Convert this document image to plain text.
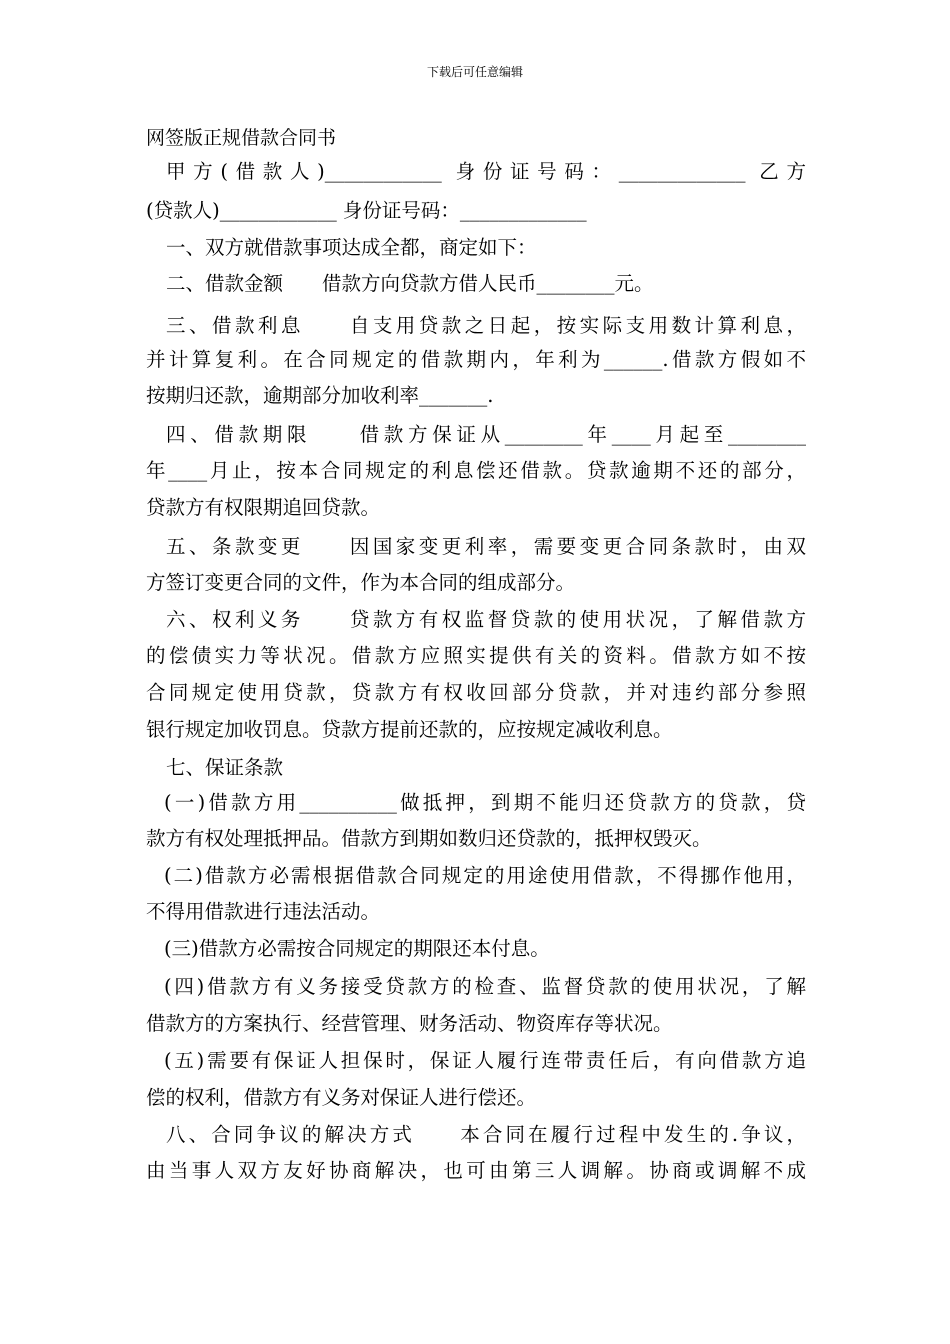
下载后可任意编辑
网签版正规借款合同书
甲方(借款人)____________ 身份证号码：_____________ 乙方
(贷款人)____________ 身份证号码：_____________
一、双方就借款事项达成全都，商定如下：
二、借款金额　　借款方向贷款方借人民币________元。
三、借款利息　　自支用贷款之日起，按实际支用数计算利息，
并计算复利。在合同规定的借款期内，年利为______.借款方假如不
按期归还款，逾期部分加收利率_______.
四、借款期限　　借款方保证从________年____月起至________
年____月止，按本合同规定的利息偿还借款。贷款逾期不还的部分，
贷款方有权限期追回贷款。
五、条款变更　　因国家变更利率，需要变更合同条款时，由双
方签订变更合同的文件，作为本合同的组成部分。
六、权利义务　　贷款方有权监督贷款的使用状况，了解借款方
的偿债实力等状况。借款方应照实提供有关的资料。借款方如不按
合同规定使用贷款，贷款方有权收回部分贷款，并对违约部分参照
银行规定加收罚息。贷款方提前还款的，应按规定减收利息。
七、保证条款
(一)借款方用__________做抵押，到期不能归还贷款方的贷款，贷
款方有权处理抵押品。借款方到期如数归还贷款的，抵押权毁灭。
(二)借款方必需根据借款合同规定的用途使用借款，不得挪作他用，
不得用借款进行违法活动。
(三)借款方必需按合同规定的期限还本付息。
(四)借款方有义务接受贷款方的检查、监督贷款的使用状况，了解
借款方的方案执行、经营管理、财务活动、物资库存等状况。
(五)需要有保证人担保时，保证人履行连带责任后，有向借款方追
偿的权利，借款方有义务对保证人进行偿还。
八、合同争议的解决方式　　本合同在履行过程中发生的.争议，
由当事人双方友好协商解决，也可由第三人调解。协商或调解不成
